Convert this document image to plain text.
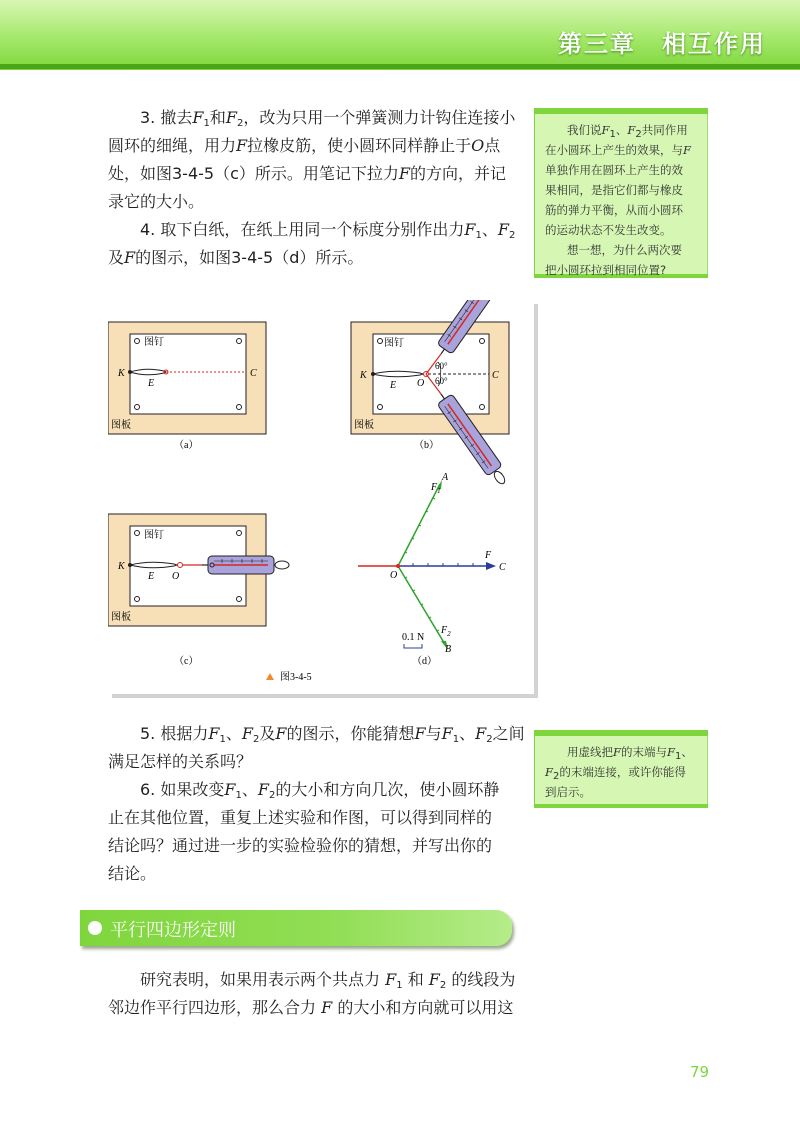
第三章　相互作用

3. 撤去$F_1$和$F_2$，改为只用一个弹簧测力计钩住连接小
圆环的细绳，用力F拉橡皮筋，使小圆环同样静止于O点
处，如图3-4-5（c）所示。用笔记下拉力F的方向，并记
录它的大小。

4. 取下白纸，在纸上用同一个标度分别作出力$F_1$、$F_2$
及F的图示，如图3-4-5（d）所示。

我们说$F_1$、$F_2$共同作用
在小圆环上产生的效果，与F
单独作用在圆环上产生的效
果相同，是指它们都与橡皮
筋的弹力平衡，从而小圆环
的运动状态不发生改变。
想一想，为什么两次要
把小圆环拉到相同位置?
图钉
K
E
C
图板
（a）
图钉
K
E O
C
60°
60°
图板
（b）
图钉
K
E O
图板
（c）
$F_1$
A
F
C
O
$F_2$
B
0.1 N
（d）
图3-4-5

5. 根据力$F_1$、$F_2$及F的图示，你能猜想F与$F_1$、$F_2$之间
满足怎样的关系吗？

6. 如果改变$F_1$、$F_2$的大小和方向几次，使小圆环静
止在其他位置，重复上述实验和作图，可以得到同样的
结论吗？通过进一步的实验检验你的猜想，并写出你的
结论。

用虚线把F的末端与$F_1$、
$F_2$的末端连接，或许你能得
到启示。
平行四边形定则

研究表明，如果用表示两个共点力 $F_1$ 和 $F_2$ 的线段为
邻边作平行四边形，那么合力 F 的大小和方向就可以用这

79
